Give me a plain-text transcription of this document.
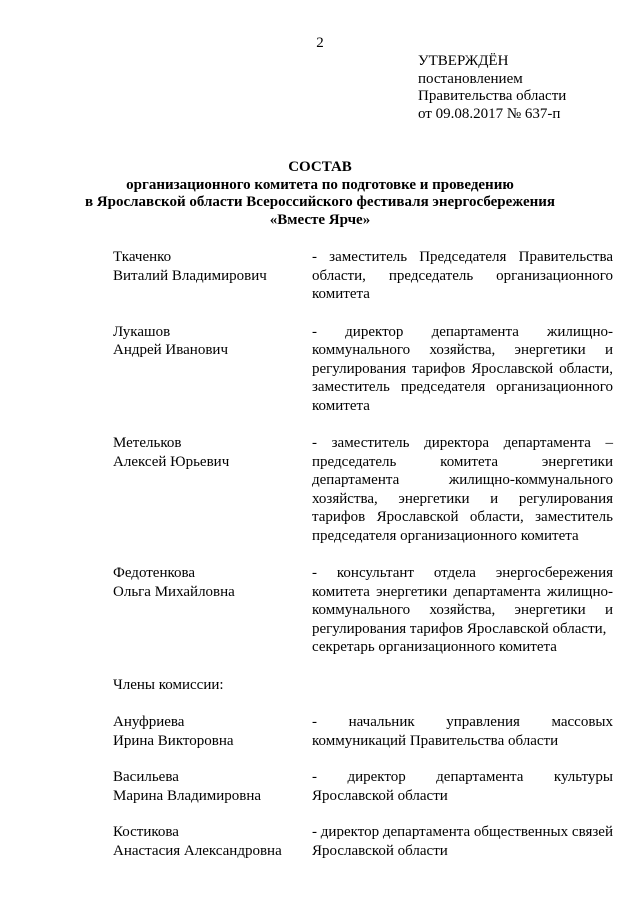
2
УТВЕРЖДЁН
постановлением
Правительства области
от 09.08.2017 № 637-п
СОСТАВ
организационного комитета по подготовке и проведению
в Ярославской области Всероссийского фестиваля энергосбережения
«Вместе Ярче»
Ткаченко
Виталий Владимирович
- заместитель Председателя Правительства области, председатель организационного комитета
Лукашов
Андрей Иванович
- директор департамента жилищно-коммунального хозяйства, энергетики и регулирования тарифов Ярославской области, заместитель председателя организационного комитета
Метельков
Алексей Юрьевич
- заместитель директора департамента – председатель комитета энергетики департамента жилищно-коммунального хозяйства, энергетики и регулирования тарифов Ярославской области, заместитель председателя организационного комитета
Федотенкова
Ольга Михайловна
- консультант отдела энергосбережения комитета энергетики департамента жилищно-коммунального хозяйства, энергетики и регулирования тарифов Ярославской области,
секретарь организационного комитета
Члены комиссии:
Ануфриева
Ирина Викторовна
- начальник управления массовых коммуникаций Правительства области
Васильева
Марина Владимировна
- директор департамента культуры Ярославской области
Костикова
Анастасия Александровна
- директор департамента общественных связей Ярославской области
